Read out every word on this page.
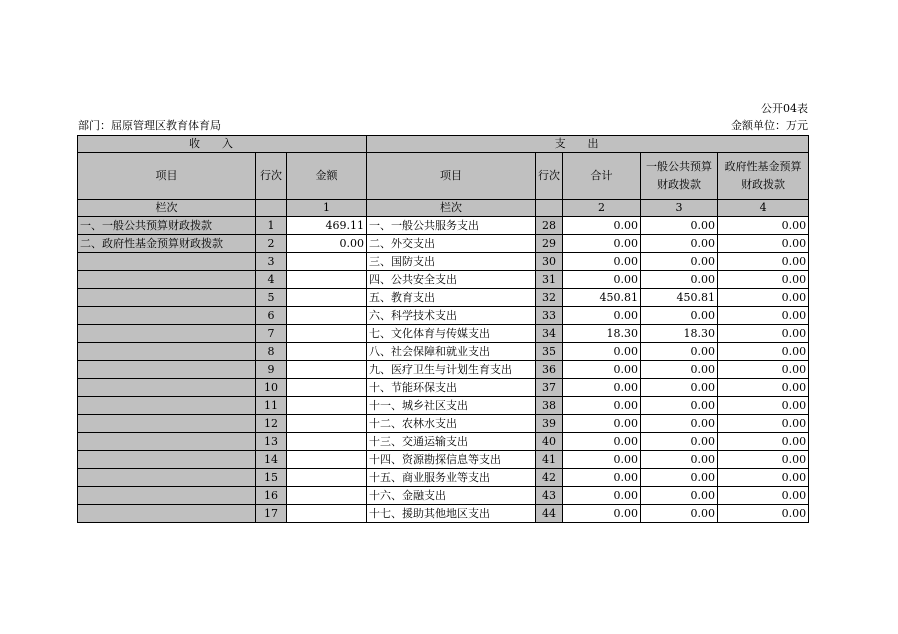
公开04表
部门：屈原管理区教育体育局	金额单位：万元
收入			支出				
项目	行次	金额	项目	行次	合计	一般公共预算财政拨款	政府性基金预算财政拨款
栏次		1	栏次		2	3	4
一、一般公共预算财政拨款	1	469.11	一、一般公共服务支出	28	0.00	0.00	0.00
二、政府性基金预算财政拨款	2	0.00	二、外交支出	29	0.00	0.00	0.00
	3		三、国防支出	30	0.00	0.00	0.00
	4		四、公共安全支出	31	0.00	0.00	0.00
	5		五、教育支出	32	450.81	450.81	0.00
	6		六、科学技术支出	33	0.00	0.00	0.00
	7		七、文化体育与传媒支出	34	18.30	18.30	0.00
	8		八、社会保障和就业支出	35	0.00	0.00	0.00
	9		九、医疗卫生与计划生育支出	36	0.00	0.00	0.00
	10		十、节能环保支出	37	0.00	0.00	0.00
	11		十一、城乡社区支出	38	0.00	0.00	0.00
	12		十二、农林水支出	39	0.00	0.00	0.00
	13		十三、交通运输支出	40	0.00	0.00	0.00
	14		十四、资源勘探信息等支出	41	0.00	0.00	0.00
	15		十五、商业服务业等支出	42	0.00	0.00	0.00
	16		十六、金融支出	43	0.00	0.00	0.00
	17		十七、援助其他地区支出	44	0.00	0.00	0.00
